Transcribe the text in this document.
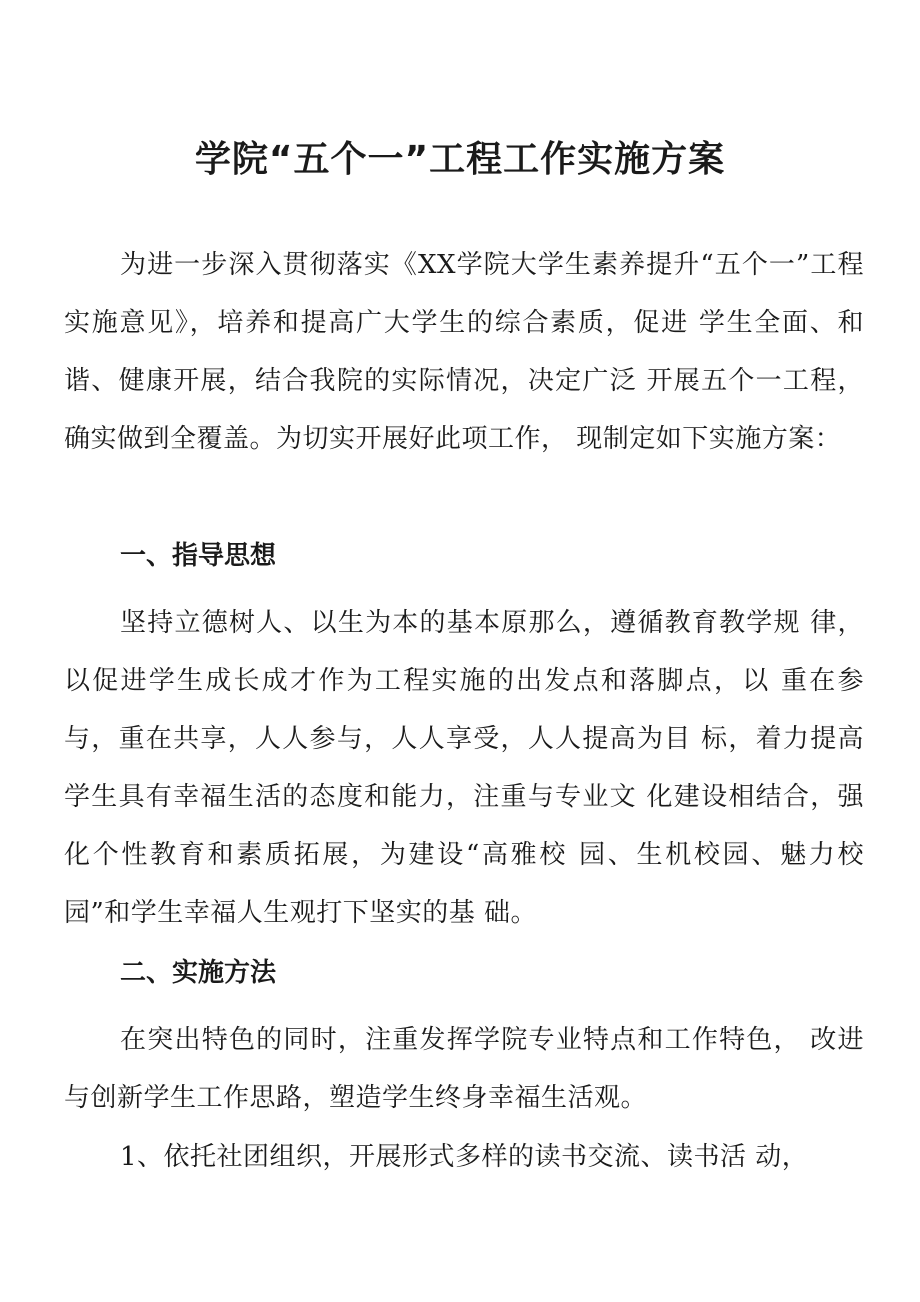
学院“五个一”工程工作实施方案

为进一步深入贯彻落实《XX学院大学生素养提升“五个一”工程实施意见》，培养和提高广大学生的综合素质，促进 学生全面、和谐、健康开展，结合我院的实际情况，决定广泛 开展五个一工程，确实做到全覆盖。为切实开展好此项工作， 现制定如下实施方案：

一、指导思想

坚持立德树人、以生为本的基本原那么，遵循教育教学规 律，以促进学生成长成才作为工程实施的出发点和落脚点，以 重在参与，重在共享，人人参与，人人享受，人人提高为目 标，着力提高学生具有幸福生活的态度和能力，注重与专业文 化建设相结合，强化个性教育和素质拓展，为建设“高雅校 园、生机校园、魅力校园”和学生幸福人生观打下坚实的基 础。

二、实施方法

在突出特色的同时，注重发挥学院专业特点和工作特色， 改进与创新学生工作思路，塑造学生终身幸福生活观。

1、依托社团组织，开展形式多样的读书交流、读书活 动，
